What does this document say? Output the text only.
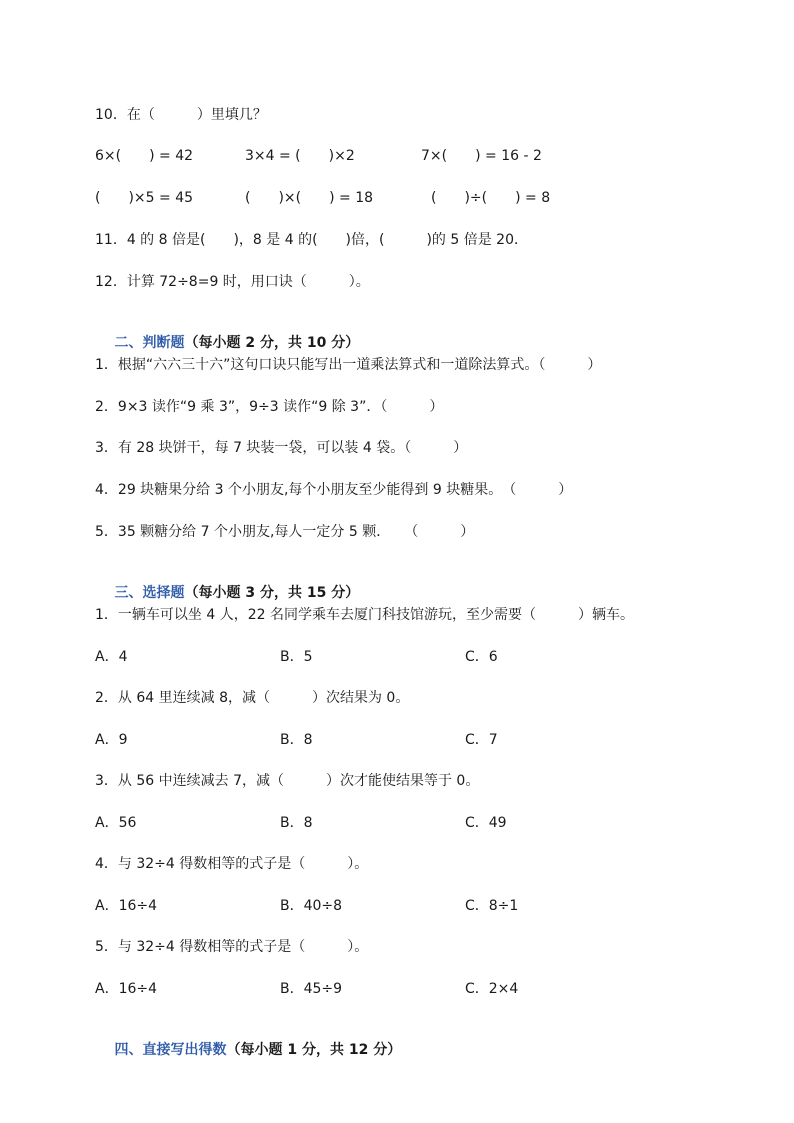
10．在（　　　）里填几？

6×(　　) = 42

	3×4 = (　　)×2

	7×(　　) = 16 - 2

(　　)×5 = 45

	(　　)×(　　) = 18

	(　　)÷(　　) = 8

11．4 的 8 倍是(　　)，8 是 4 的(　　)倍，(　　　)的 5 倍是 20．
12．计算 72÷8=9 时，用口诀（　　　）。

二、判断题（每小题 2 分，共 10 分）

1．根据“六六三十六”这句口诀只能写出一道乘法算式和一道除法算式。（　　　）
2．9×3 读作“9 乘 3”，9÷3 读作“9 除 3”．（　　　）
3．有 28 块饼干，每 7 块装一袋，可以装 4 袋。（　　　）
4．29 块糖果分给 3 个小朋友,每个小朋友至少能得到 9 块糖果。　（　　　）
5．35 颗糖分给 7 个小朋友,每人一定分 5 颗．　　（　　　）

三、选择题（每小题 3 分，共 15 分）

1．一辆车可以坐 4 人，22 名同学乘车去厦门科技馆游玩，至少需要（　　　）辆车。

A．4

	B．5

	C．6

2．从 64 里连续减 8，减（　　　）次结果为 0。

A．9

	B．8

	C．7

3．从 56 中连续减去 7，减（　　　）次才能使结果等于 0。

A．56

	B．8

	C．49

4．与 32÷4 得数相等的式子是（　　　）。

A．16÷4

	B．40÷8

	C．8÷1

5．与 32÷4 得数相等的式子是（　　　）。

A．16÷4

	B．45÷9

	C．2×4

四、直接写出得数（每小题 1 分，共 12 分）
